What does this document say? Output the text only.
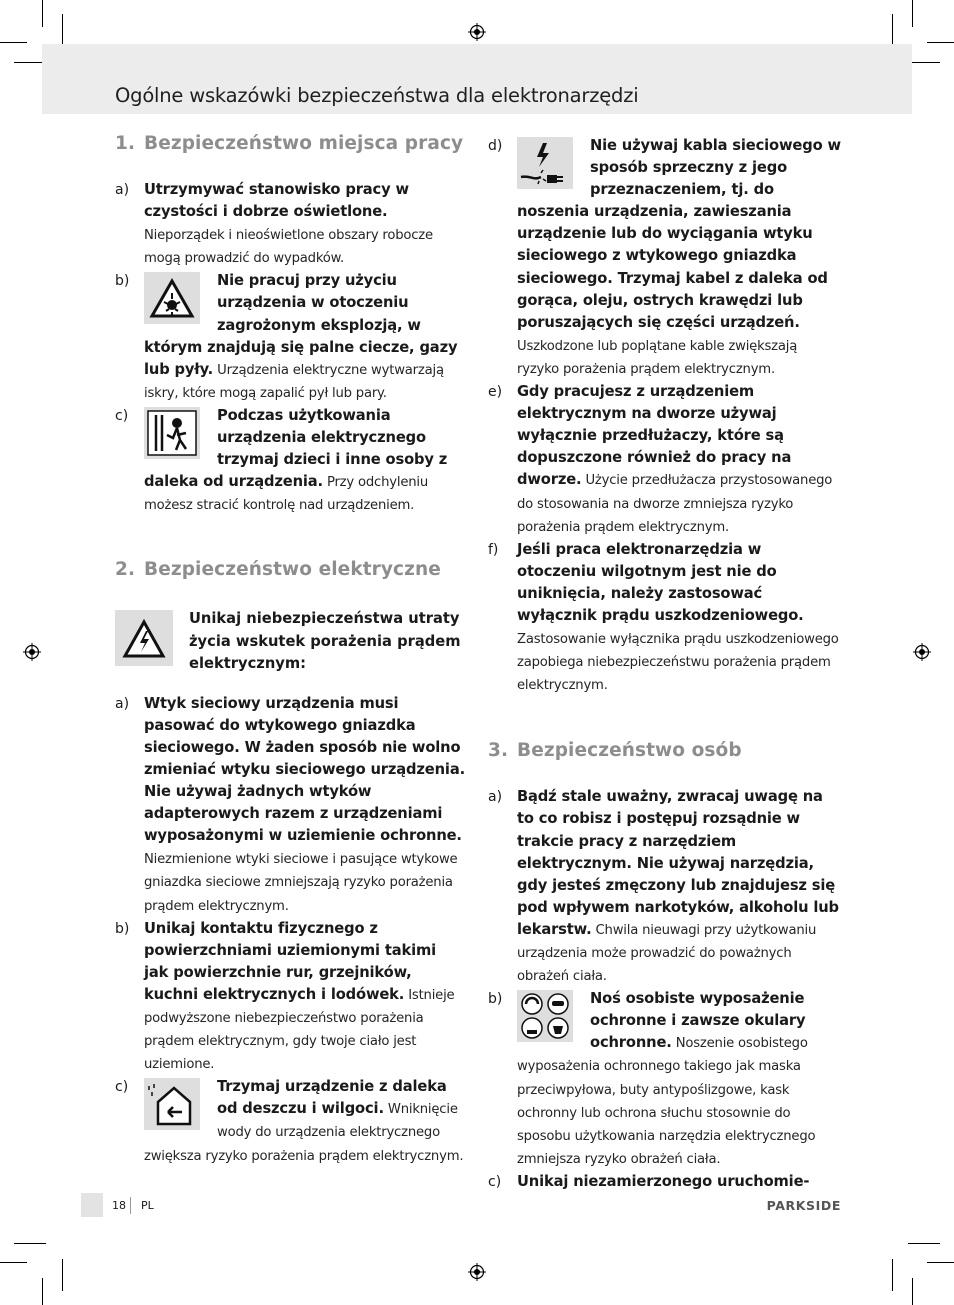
Ogólne wskazówki bezpieczeństwa dla elektronarzędzi
1. Bezpieczeństwo miejsca pracy
a) Utrzymywać stanowisko pracy w czystości i dobrze oświetlone. Nieporządek i nieoświetlone obszary robocze mogą prowadzić do wypadków.
b)	Nie pracuj przy użyciu urządzenia w otoczeniu zagrożonym eksplozją, w którym znajdują się palne ciecze, gazy lub pyły. Urządzenia elektryczne wytwarzają iskry, które mogą zapalić pył lub pary.
c)	Podczas użytkowania urządzenia elektrycznego trzymaj dzieci i inne osoby z daleka od urządzenia. Przy odchyleniu możesz stracić kontrolę nad urządzeniem.
2. Bezpieczeństwo elektryczne
Unikaj niebezpieczeństwa utraty życia wskutek porażenia prądem elektrycznym:
a) Wtyk sieciowy urządzenia musi pasować do wtykowego gniazdka sieciowego. W żaden sposób nie wolno zmieniać wtyku sieciowego urządzenia. Nie używaj żadnych wtyków adapterowych razem z urządzeniami wyposażonymi w uziemienie ochronne. Niezmienione wtyki sieciowe i pasujące wtykowe gniazdka sieciowe zmniejszają ryzyko porażenia prądem elektrycznym.
b) Unikaj kontaktu fizycznego z powierzchniami uziemionymi takimi jak powierzchnie rur, grzejników, kuchni elektrycznych i lodówek. Istnieje podwyższone niebezpieczeństwo porażenia prądem elektrycznym, gdy twoje ciało jest uziemione.
c)	Trzymaj urządzenie z daleka od deszczu i wilgoci. Wniknięcie wody do urządzenia elektrycznego zwiększa ryzyko porażenia prądem elektrycznym.
d)	Nie używaj kabla sieciowego w sposób sprzeczny z jego przeznaczeniem, tj. do noszenia urządzenia, zawieszania urządzenie lub do wyciągania wtyku sieciowego z wtykowego gniazdka sieciowego. Trzymaj kabel z daleka od gorąca, oleju, ostrych krawędzi lub poruszających się części urządzeń. Uszkodzone lub poplątane kable zwiększają ryzyko porażenia prądem elektrycznym.
e) Gdy pracujesz z urządzeniem elektrycznym na dworze używaj wyłącznie przedłużaczy, które są dopuszczone również do pracy na dworze. Użycie przedłużacza przystosowanego do stosowania na dworze zmniejsza ryzyko porażenia prądem elektrycznym.
f) Jeśli praca elektronarzędzia w otoczeniu wilgotnym jest nie do uniknięcia, należy zastosować wyłącznik prądu uszkodzeniowego. Zastosowanie wyłącznika prądu uszkodzeniowego zapobiega niebezpieczeństwu porażenia prądem elektrycznym.
3. Bezpieczeństwo osób
a) Bądź stale uważny, zwracaj uwagę na to co robisz i postępuj rozsądnie w trakcie pracy z narzędziem elektrycznym. Nie używaj narzędzia, gdy jesteś zmęczony lub znajdujesz się pod wpływem narkotyków, alkoholu lub lekarstw. Chwila nieuwagi przy użytkowaniu urządzenia może prowadzić do poważnych obrażeń ciała.
b)	Noś osobiste wyposażenie ochronne i zawsze okulary ochronne. Noszenie osobistego wyposażenia ochronnego takiego jak maska przeciwpyłowa, buty antypoślizgowe, kask ochronny lub ochrona słuchu stosownie do sposobu użytkowania narzędzia elektrycznego zmniejsza ryzyko obrażeń ciała.
c) Unikaj niezamierzonego uruchomie-
18 PL	PARKSIDE
